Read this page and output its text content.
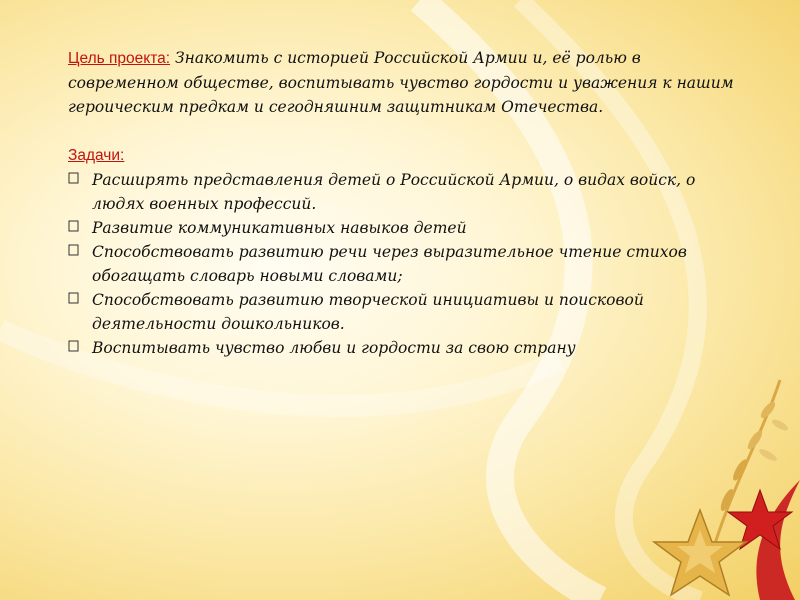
Цель проекта: Знакомить с историей Российской Армии и, её ролью в современном обществе, воспитывать чувство гордости и уважения к нашим героическим предкам и сегодняшним защитникам Отечества.

Задачи:
Расширять представления детей о Российской Армии, о видах войск, о людях военных профессий.
Развитие коммуникативных навыков детей
Способствовать развитию речи через выразительное чтение стихов обогащать словарь новыми словами;
Способствовать развитию творческой инициативы и поисковой деятельности дошкольников.
Воспитывать чувство любви и гордости за свою страну
